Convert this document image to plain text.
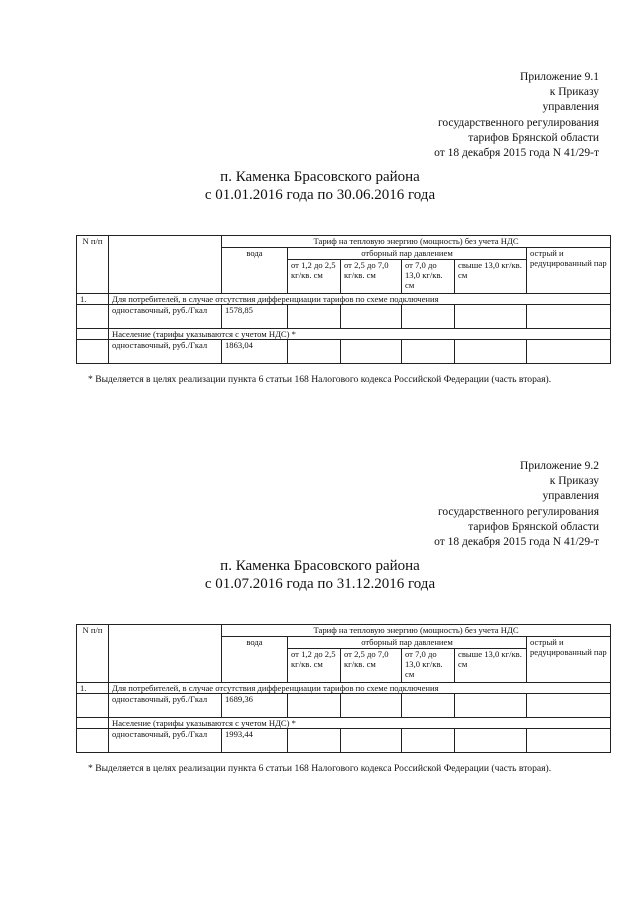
Приложение 9.1
к Приказу
управления
государственного регулирования
тарифов Брянской области
от 18 декабря 2015 года N 41/29-т
п. Каменка Брасовского района
с 01.01.2016 года по 30.06.2016 года
N п/п		Тариф на тепловую энергию (мощность) без учета НДС					
		вода	отборный пар давлением				острый и редуцированный пар
			от 1,2 до 2,5 кг/кв. см	от 2,5 до 7,0 кг/кв. см	от 7,0 до 13,0 кг/кв. см	свыше 13,0 кг/кв. см	
1.	Для потребителей, в случае отсутствия дифференциации тарифов по схеме подключения						
	одноставочный, руб./Гкал	1578,85					
	Население (тарифы указываются с учетом НДС) *						
	одноставочный, руб./Гкал	1863,04					
* Выделяется в целях реализации пункта 6 статьи 168 Налогового кодекса Российской Федерации (часть вторая).
Приложение 9.2
к Приказу
управления
государственного регулирования
тарифов Брянской области
от 18 декабря 2015 года N 41/29-т
п. Каменка Брасовского района
с 01.07.2016 года по 31.12.2016 года
N п/п		Тариф на тепловую энергию (мощность) без учета НДС					
		вода	отборный пар давлением				острый и редуцированный пар
			от 1,2 до 2,5 кг/кв. см	от 2,5 до 7,0 кг/кв. см	от 7,0 до 13,0 кг/кв. см	свыше 13,0 кг/кв. см	
1.	Для потребителей, в случае отсутствия дифференциации тарифов по схеме подключения						
	одноставочный, руб./Гкал	1689,36					
	Население (тарифы указываются с учетом НДС) *						
	одноставочный, руб./Гкал	1993,44					
* Выделяется в целях реализации пункта 6 статьи 168 Налогового кодекса Российской Федерации (часть вторая).
